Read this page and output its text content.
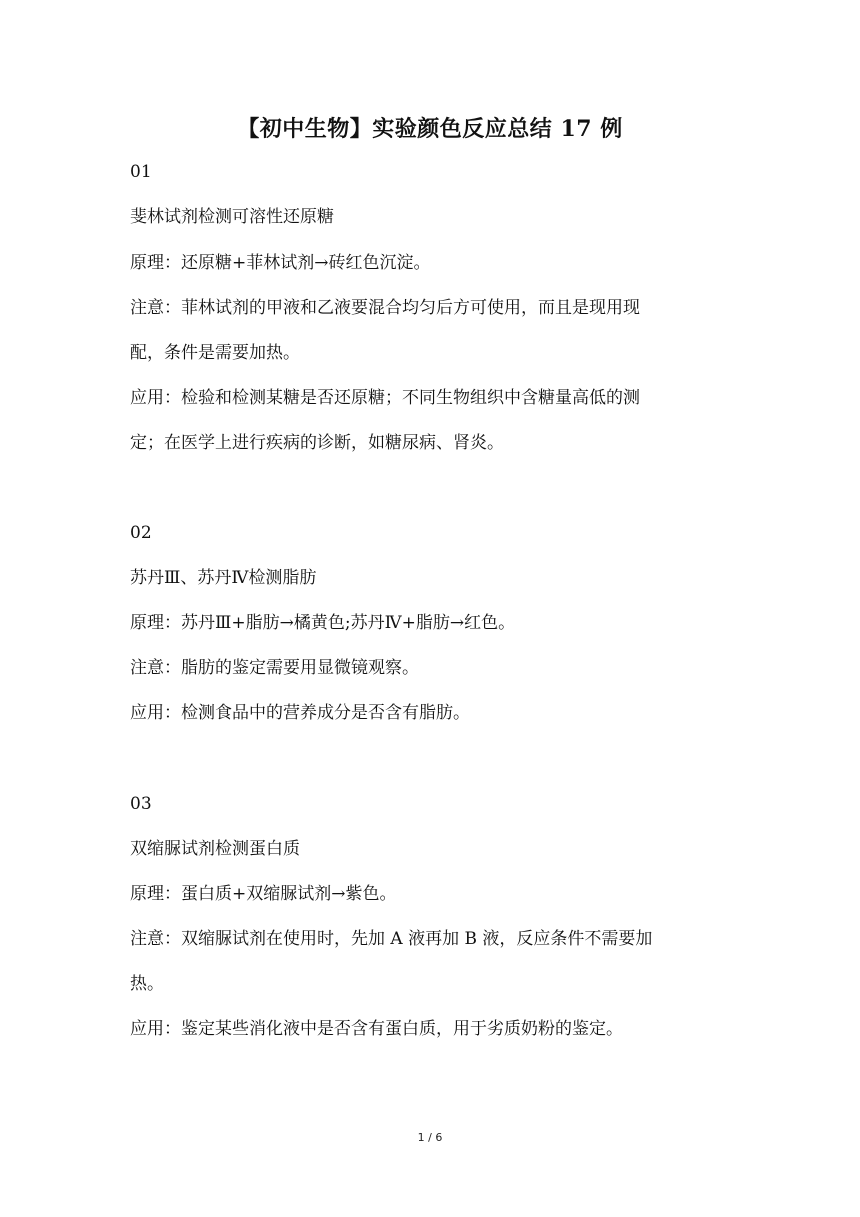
【初中生物】实验颜色反应总结 17 例
01
斐林试剂检测可溶性还原糖
原理：还原糖+菲林试剂→砖红色沉淀。
注意：菲林试剂的甲液和乙液要混合均匀后方可使用，而且是现用现
配，条件是需要加热。
应用：检验和检测某糖是否还原糖；不同生物组织中含糖量高低的测
定；在医学上进行疾病的诊断，如糖尿病、肾炎。
02
苏丹Ⅲ、苏丹Ⅳ检测脂肪
原理：苏丹Ⅲ+脂肪→橘黄色;苏丹Ⅳ+脂肪→红色。
注意：脂肪的鉴定需要用显微镜观察。
应用：检测食品中的营养成分是否含有脂肪。
03
双缩脲试剂检测蛋白质
原理：蛋白质+双缩脲试剂→紫色。
注意：双缩脲试剂在使用时，先加 A 液再加 B 液，反应条件不需要加
热。
应用：鉴定某些消化液中是否含有蛋白质，用于劣质奶粉的鉴定。
1 / 6
